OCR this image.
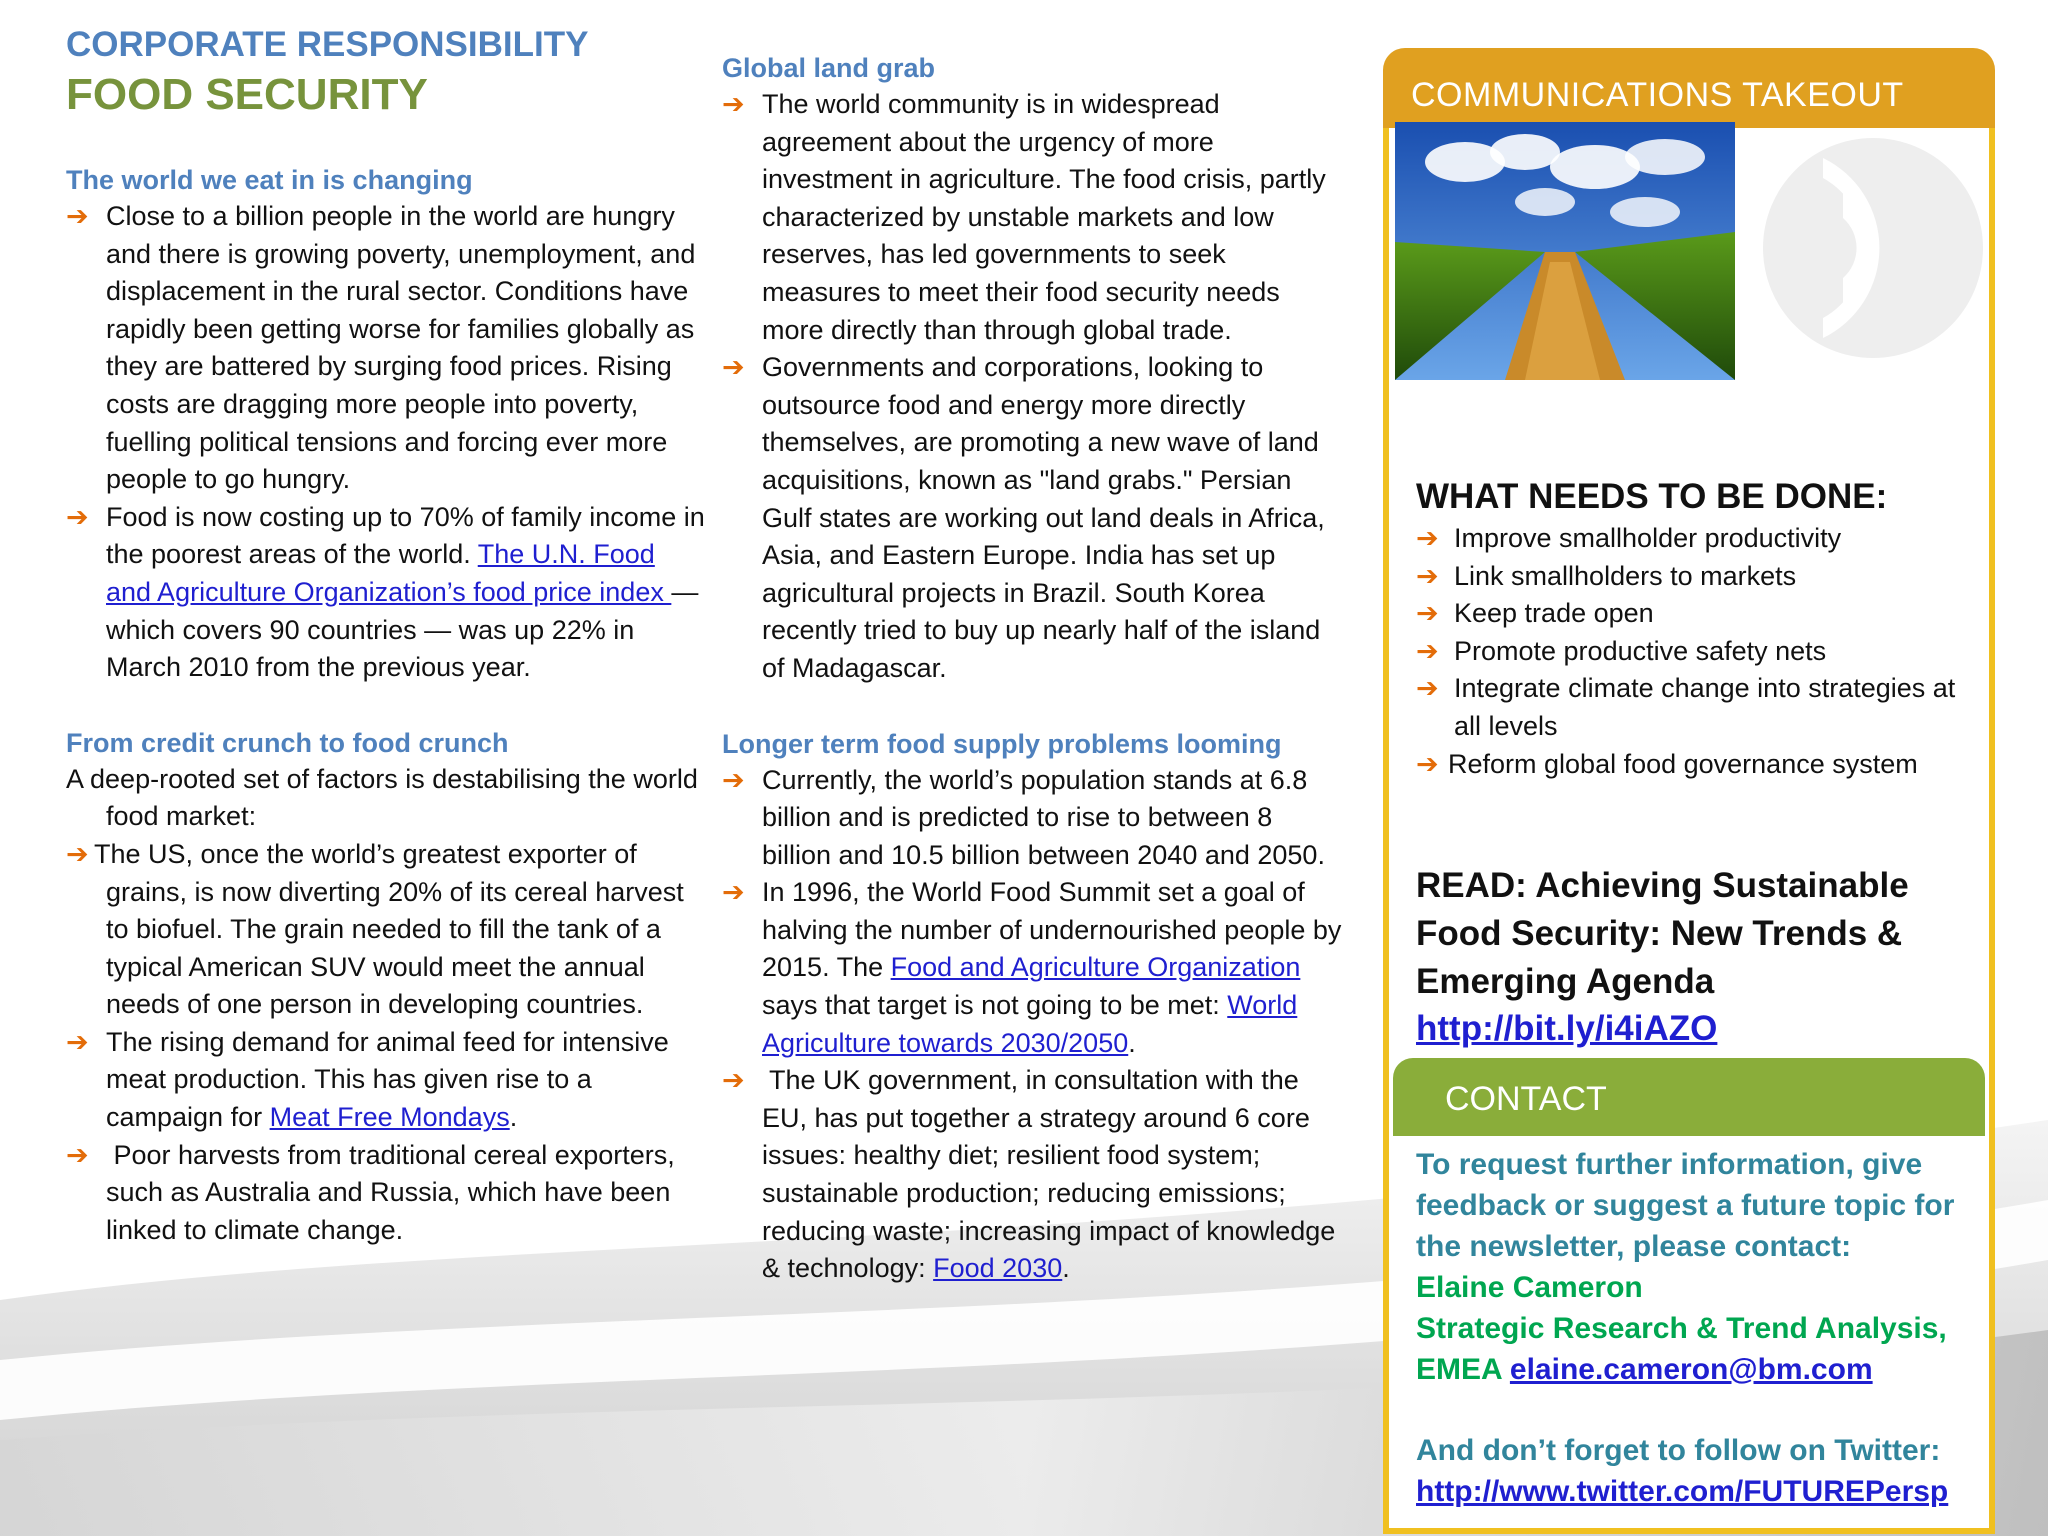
CORPORATE RESPONSIBILITY
FOOD SECURITY
The world we eat in is changing
➔ Close to a billion people in the world are hungry and there is growing poverty, unemployment, and displacement in the rural sector. Conditions have rapidly been getting worse for families globally as they are battered by surging food prices. Rising costs are dragging more people into poverty, fuelling political tensions and forcing ever more people to go hungry.
➔ Food is now costing up to 70% of family income in the poorest areas of the world. The U.N. Food and Agriculture Organization’s food price index — which covers 90 countries — was up 22% in March 2010 from the previous year.
From credit crunch to food crunch
A deep-rooted set of factors is destabilising the world food market:
➔ The US, once the world’s greatest exporter of grains, is now diverting 20% of its cereal harvest to biofuel. The grain needed to fill the tank of a typical American SUV would meet the annual needs of one person in developing countries.
➔ The rising demand for animal feed for intensive meat production. This has given rise to a campaign for Meat Free Mondays.
➔ Poor harvests from traditional cereal exporters, such as Australia and Russia, which have been linked to climate change.
Global land grab
➔ The world community is in widespread agreement about the urgency of more investment in agriculture. The food crisis, partly characterized by unstable markets and low reserves, has led governments to seek measures to meet their food security needs more directly than through global trade.
➔ Governments and corporations, looking to outsource food and energy more directly themselves, are promoting a new wave of land acquisitions, known as "land grabs." Persian Gulf states are working out land deals in Africa, Asia, and Eastern Europe. India has set up agricultural projects in Brazil. South Korea recently tried to buy up nearly half of the island of Madagascar.
Longer term food supply problems looming
➔ Currently, the world’s population stands at 6.8 billion and is predicted to rise to between 8 billion and 10.5 billion between 2040 and 2050.
➔ In 1996, the World Food Summit set a goal of halving the number of undernourished people by 2015. The Food and Agriculture Organization says that target is not going to be met: World Agriculture towards 2030/2050.
➔ The UK government, in consultation with the EU, has put together a strategy around 6 core issues: healthy diet; resilient food system; sustainable production; reducing emissions; reducing waste; increasing impact of knowledge & technology: Food 2030.
COMMUNICATIONS TAKEOUT
WHAT NEEDS TO BE DONE:
➔ Improve smallholder productivity
➔ Link smallholders to markets
➔ Keep trade open
➔ Promote productive safety nets
➔ Integrate climate change into strategies at all levels
➔ Reform global food governance system
READ: Achieving Sustainable Food Security: New Trends & Emerging Agenda
http://bit.ly/i4iAZO
CONTACT
To request further information, give feedback or suggest a future topic for the newsletter, please contact:
Elaine Cameron
Strategic Research & Trend Analysis,
EMEA elaine.cameron@bm.com
And don’t forget to follow on Twitter:
http://www.twitter.com/FUTUREPersp
